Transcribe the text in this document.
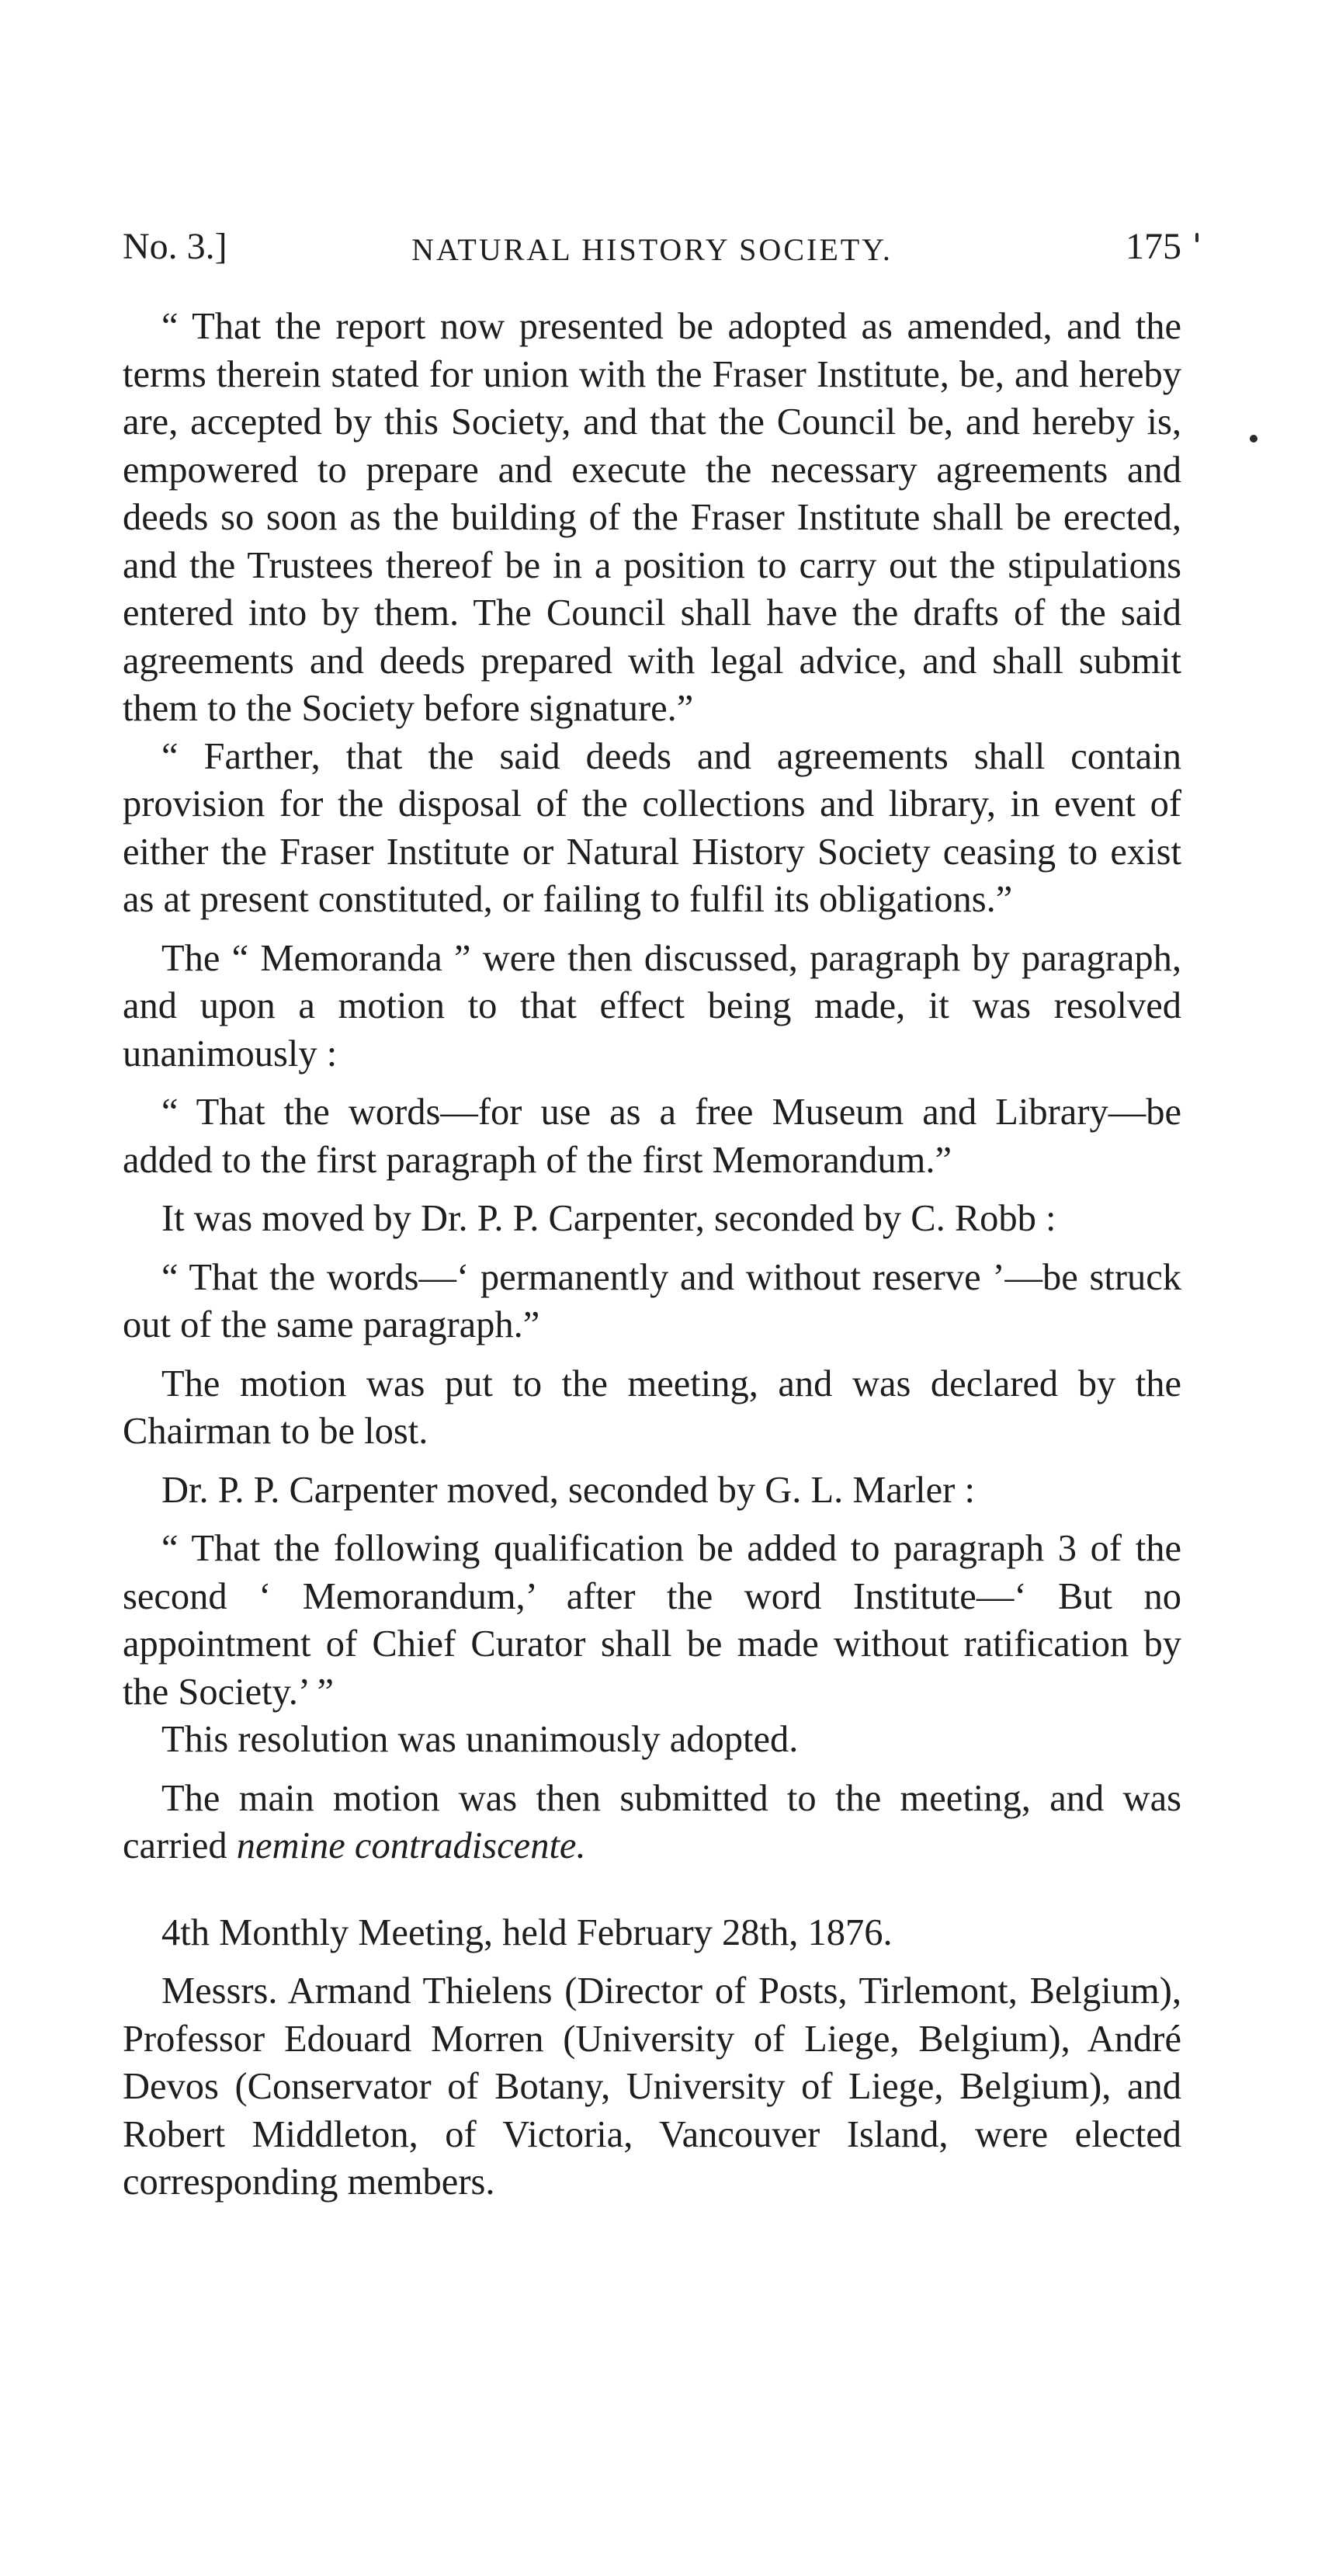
No. 3.]	NATURAL HISTORY SOCIETY.	175

“ That the report now presented be adopted as amended, and the terms therein stated for union with the Fraser Institute, be, and hereby are, accepted by this Society, and that the Council be, and hereby is, empowered to prepare and execute the necessary agreements and deeds so soon as the building of the Fraser Institute shall be erected, and the Trustees thereof be in a position to carry out the stipulations entered into by them. The Council shall have the drafts of the said agreements and deeds prepared with legal advice, and shall submit them to the Society before signature.”

“ Farther, that the said deeds and agreements shall contain provision for the disposal of the collections and library, in event of either the Fraser Institute or Natural History Society ceasing to exist as at present constituted, or failing to fulfil its obligations.”

The “ Memoranda ” were then discussed, paragraph by paragraph, and upon a motion to that effect being made, it was resolved unanimously :

“ That the words—for use as a free Museum and Library—be added to the first paragraph of the first Memorandum.”

It was moved by Dr. P. P. Carpenter, seconded by C. Robb :

“ That the words—‘ permanently and without reserve ’—be struck out of the same paragraph.”

The motion was put to the meeting, and was declared by the Chairman to be lost.

Dr. P. P. Carpenter moved, seconded by G. L. Marler :

“ That the following qualification be added to paragraph 3 of the second ‘ Memorandum,’ after the word Institute—‘ But no appointment of Chief Curator shall be made without ratification by the Society.’ ”

This resolution was unanimously adopted.

The main motion was then submitted to the meeting, and was carried nemine contradiscente.

4th Monthly Meeting, held February 28th, 1876.

Messrs. Armand Thielens (Director of Posts, Tirlemont, Belgium), Professor Edouard Morren (University of Liege, Belgium), André Devos (Conservator of Botany, University of Liege, Belgium), and Robert Middleton, of Victoria, Vancouver Island, were elected corresponding members.
